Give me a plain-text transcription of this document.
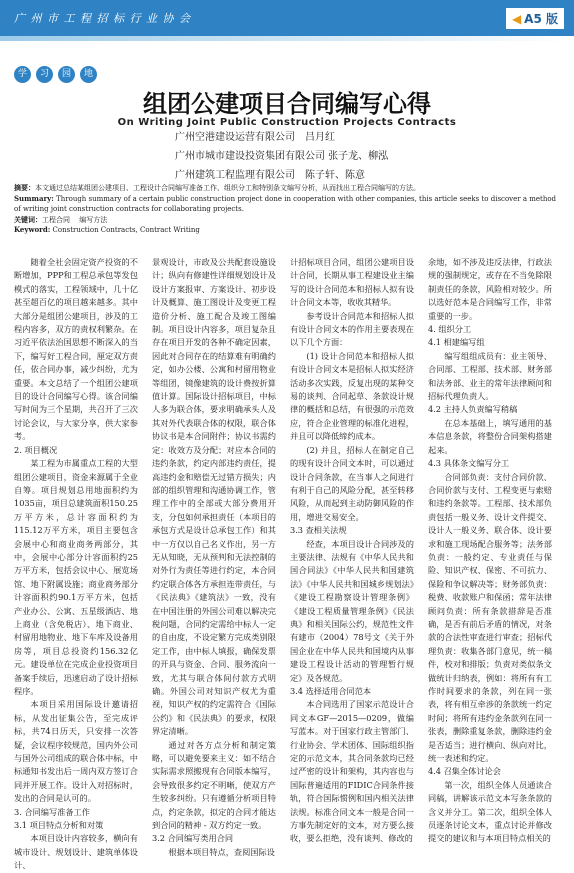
广 州 市 工 程 招 标 行 业 协 会	◀ A5 版
学	习	园	地
组团公建项目合同编写心得
On Writing Joint Public Construction Projects Contracts
广州空港建设运营有限公司　吕月红
广州市城市建设投资集团有限公司 张子龙、柳泓
广州建筑工程监理有限公司　陈子轩、陈意

摘要：本文通过总结某组团公建项目、工程设计合同编写准备工作、组织分工和特别条文编写分析，从而找出工程合同编写的方法。

Summary: Through summary of a certain public construction project done in cooperation with other companies, this article seeks to discover a method of writing joint construction contracts for collaborating projects.

关键词：工程合同　 编写方法

Keyword: Construction Contracts, Contract Writing

随着全社会固定资产投资的不断增加，PPP和工程总承包等发包模式的落实，工程领域中，几十亿甚至超百亿的项目越来越多。其中大部分是组团公建项目，涉及的工程内容多，双方的责权利繁杂。在习近平依法治国思想不断深入的当下，编写好工程合同，厘定双方责任，依合同办事，减少纠纷，尤为重要。本文总结了一个组团公建项目的设计合同编写心得。该合同编写时间为三个星期，共召开了三次讨论会议，与大家分享，供大家参考。

2. 项目概况

某工程为市属重点工程的大型组团公建项目，资金来源属于全业自筹。项目规划总用地面积约为1035亩，项目总建筑面积150.25万平方米，总计容面积约为115.12万平方米，项目主要包含会展中心和商业商务两部分，其中，会展中心部分计容面积约25万平方米，包括会议中心、展览场馆、地下附属设施；商业商务部分计容面积约90.1万平方米，包括产业办公、公寓、五星级酒店、地上商业（含免税店）、地下商业、村留用地物业、地下车库及设备用房等，项目总投资约156.32亿元。建设单位在完成企业投资项目备案手续后，迅速启动了设计招标程序。

本项目采用国际设计邀请招标，从发出征集公告，至完成评标，共74日历天，只安排一次答疑，会议程序较规范，国内外公司与国外公司组成的联合体中标，中标通知书发出后一周内双方签订合同并开展工作。设计入对招标时，发出的合同是认可的。

3. 合同编写准备工作

3.1 项目特点分析和对策

本项目设计内容较多，横向有城市设计、规划设计、建筑单体设计、

景观设计，市政及公共配套设施设计；纵向有修建性详细规划设计及设计方案报审、方案设计、初步设计及概算、施工图设计及变更工程造价分析、施工配合及竣工图编制。项目设计内容多，项目复杂且存在项目开发的各种不确定因素，因此对合同存在的结算难有明确约定，如办公楼、公寓和村留用物业等组团，镜像建筑的设计费按折算值计算。国际设计招标项目，中标人多为联合体，要求明确承头人及其对外代表联合体的权限，联合体协议书是本合同附件；协议书需约定：收效方及分配；对应本合同的违约条款，约定内部违约责任，提高违约金和赔偿无过错方损失；内部的组织管理和沟通协调工作，管理工作中的全部或大部分费用开支，分包如何承担责任（本项目的承包方式是设计总承包工作）和其中一方仅以自己名义作出，另一方无从知晓，无从预判和无法控制的对外行为责任等进行约定，本合同约定联合体各方承担连带责任，与《民法典》《建筑法》一致，没有在中国注册的外国公司难以解决完税问题，合同约定需给中标人一定的自由度，不设定繁方完成类别限定工作，由中标人填报，确保发票的开具与资金、合同、服务流向一致，尤其与联合体间付款方式明确。外国公司对知识产权尤为重视，知识产权的约定需符合《国际公约》和《民法典》的要求，权限界定清晰。

通过对各方点分析和制定策略，可以避免要来主义：如不结合实际需求照搬现有合同版本编写，会导致很多约定不明晰，使双方产生较多纠纷。只有遵循分析项目特点，约定条款，拟定的合同才能达到合同的精神 - 双方约定一致。

3.2 合同编写类用合同

根据本项目特点，查阅国际设

计招标项目合同，组团公建项目设计合同，长期从事工程建设业主编写的设计合同范本和招标人拟有设计合同文本等，收收其精华。

参考设计合同范本和招标人拟有设计合同文本的作用主要表现在以下几个方面：

(1) 设计合同范本和招标人拟有设计合同文本是招标人拟实经济活动多次实践，反复出现的某种交易的谈判、合同起草、条款设计规律的概括和总结，有很强的示范效应，符合企业管理的标准化进程，并且可以降低缔约成本。

(2) 并且，招标人在制定自己的现有设计合同文本时，可以通过设计合同条款，在当事人之间进行有利于自己的风险分配，甚至转移风险，从而起到主动防御风险的作用，增进交易安全。

3.3 查相关法规

经查，本项目设计合同涉及的主要法律、法规有《中华人民共和国合同法》《中华人民共和国建筑法》《中华人民共和国城乡规划法》《建设工程勘察设计管理条例》《建设工程质量管理条例》《民法典》和相关国际公约，规范性文件有建市（2004）78号文《关于外国企业在中华人民共和国境内从事建设工程设计活动的管理暂行规定》及各规范。

3.4 选择适用合同范本

本合同选用了国家示范设计合同文本GF—2015—0209，做编写蓝本。对于国家行政主管部门、行业协会、学术团体、国际组织指定的示范文本，其合同条款均已经过严密的设计和架构，其内容也与国际普遍适用的FIDIC合同条件接轨，符合国际惯例和国内相关法律法规。标准合同文本一般是合同一方事先制定好的文本，对方要么接收，要么拒绝，没有谈判、修改的

余地，如不涉及违反法律，行政法规的强制规定，或存在不当免除限制责任的条款，风险相对较少。所以选好范本是合同编写工作，非常重要的一步。

4. 组织分工

4.1 相建编写组

编写组组成员有：业主领导、合同部、工程部、技术部、财务部和法务部、业主的常年法律顾问和招标代理负责人。

4.2 主持人负责编写稍稿

在总本基础上，填写通用的基本信息条款，将整份合同架构搭建起来。

4.3 具体条文编写分工

合同部负责：支付合同价款、合同价款与支付、工程变更与索赔和违约条款等。工程部、技术部负责包括一般义务、设计文件提交、设计人一般义务、联合体、设计要求和施工现场配合服务等；法务部负责：一般约定、专业责任与保险、知识产权、保密、不可抗力、保险和争议解决等；财务部负责：税费、收款账户和保函；常年法律顾问负责：所有条款措辞是否准确，是否有前后矛盾的情况，对条款的合法性审查进行审查；招标代理负责：收集各部门意见，统一稿件，校对和排版；负责对类似条文做统计归纳表，例如：将所有有工作时间要求的条款，列在同一张表，将有相互牵涉的条款统一约定时间；将所有违约金条款列在同一张表，删除重复条款，删除违约金是否适当；进行横向、纵向对比，统一表述和约定。

4.4 召集全体讨论会

第一次，组织全体人员通读合同稿，讲解该示范文本写条条款的含义并分工。第二次，组织全体人员逐条讨论文本，重点讨论并修改提交的建议和与本项目特点相关的
